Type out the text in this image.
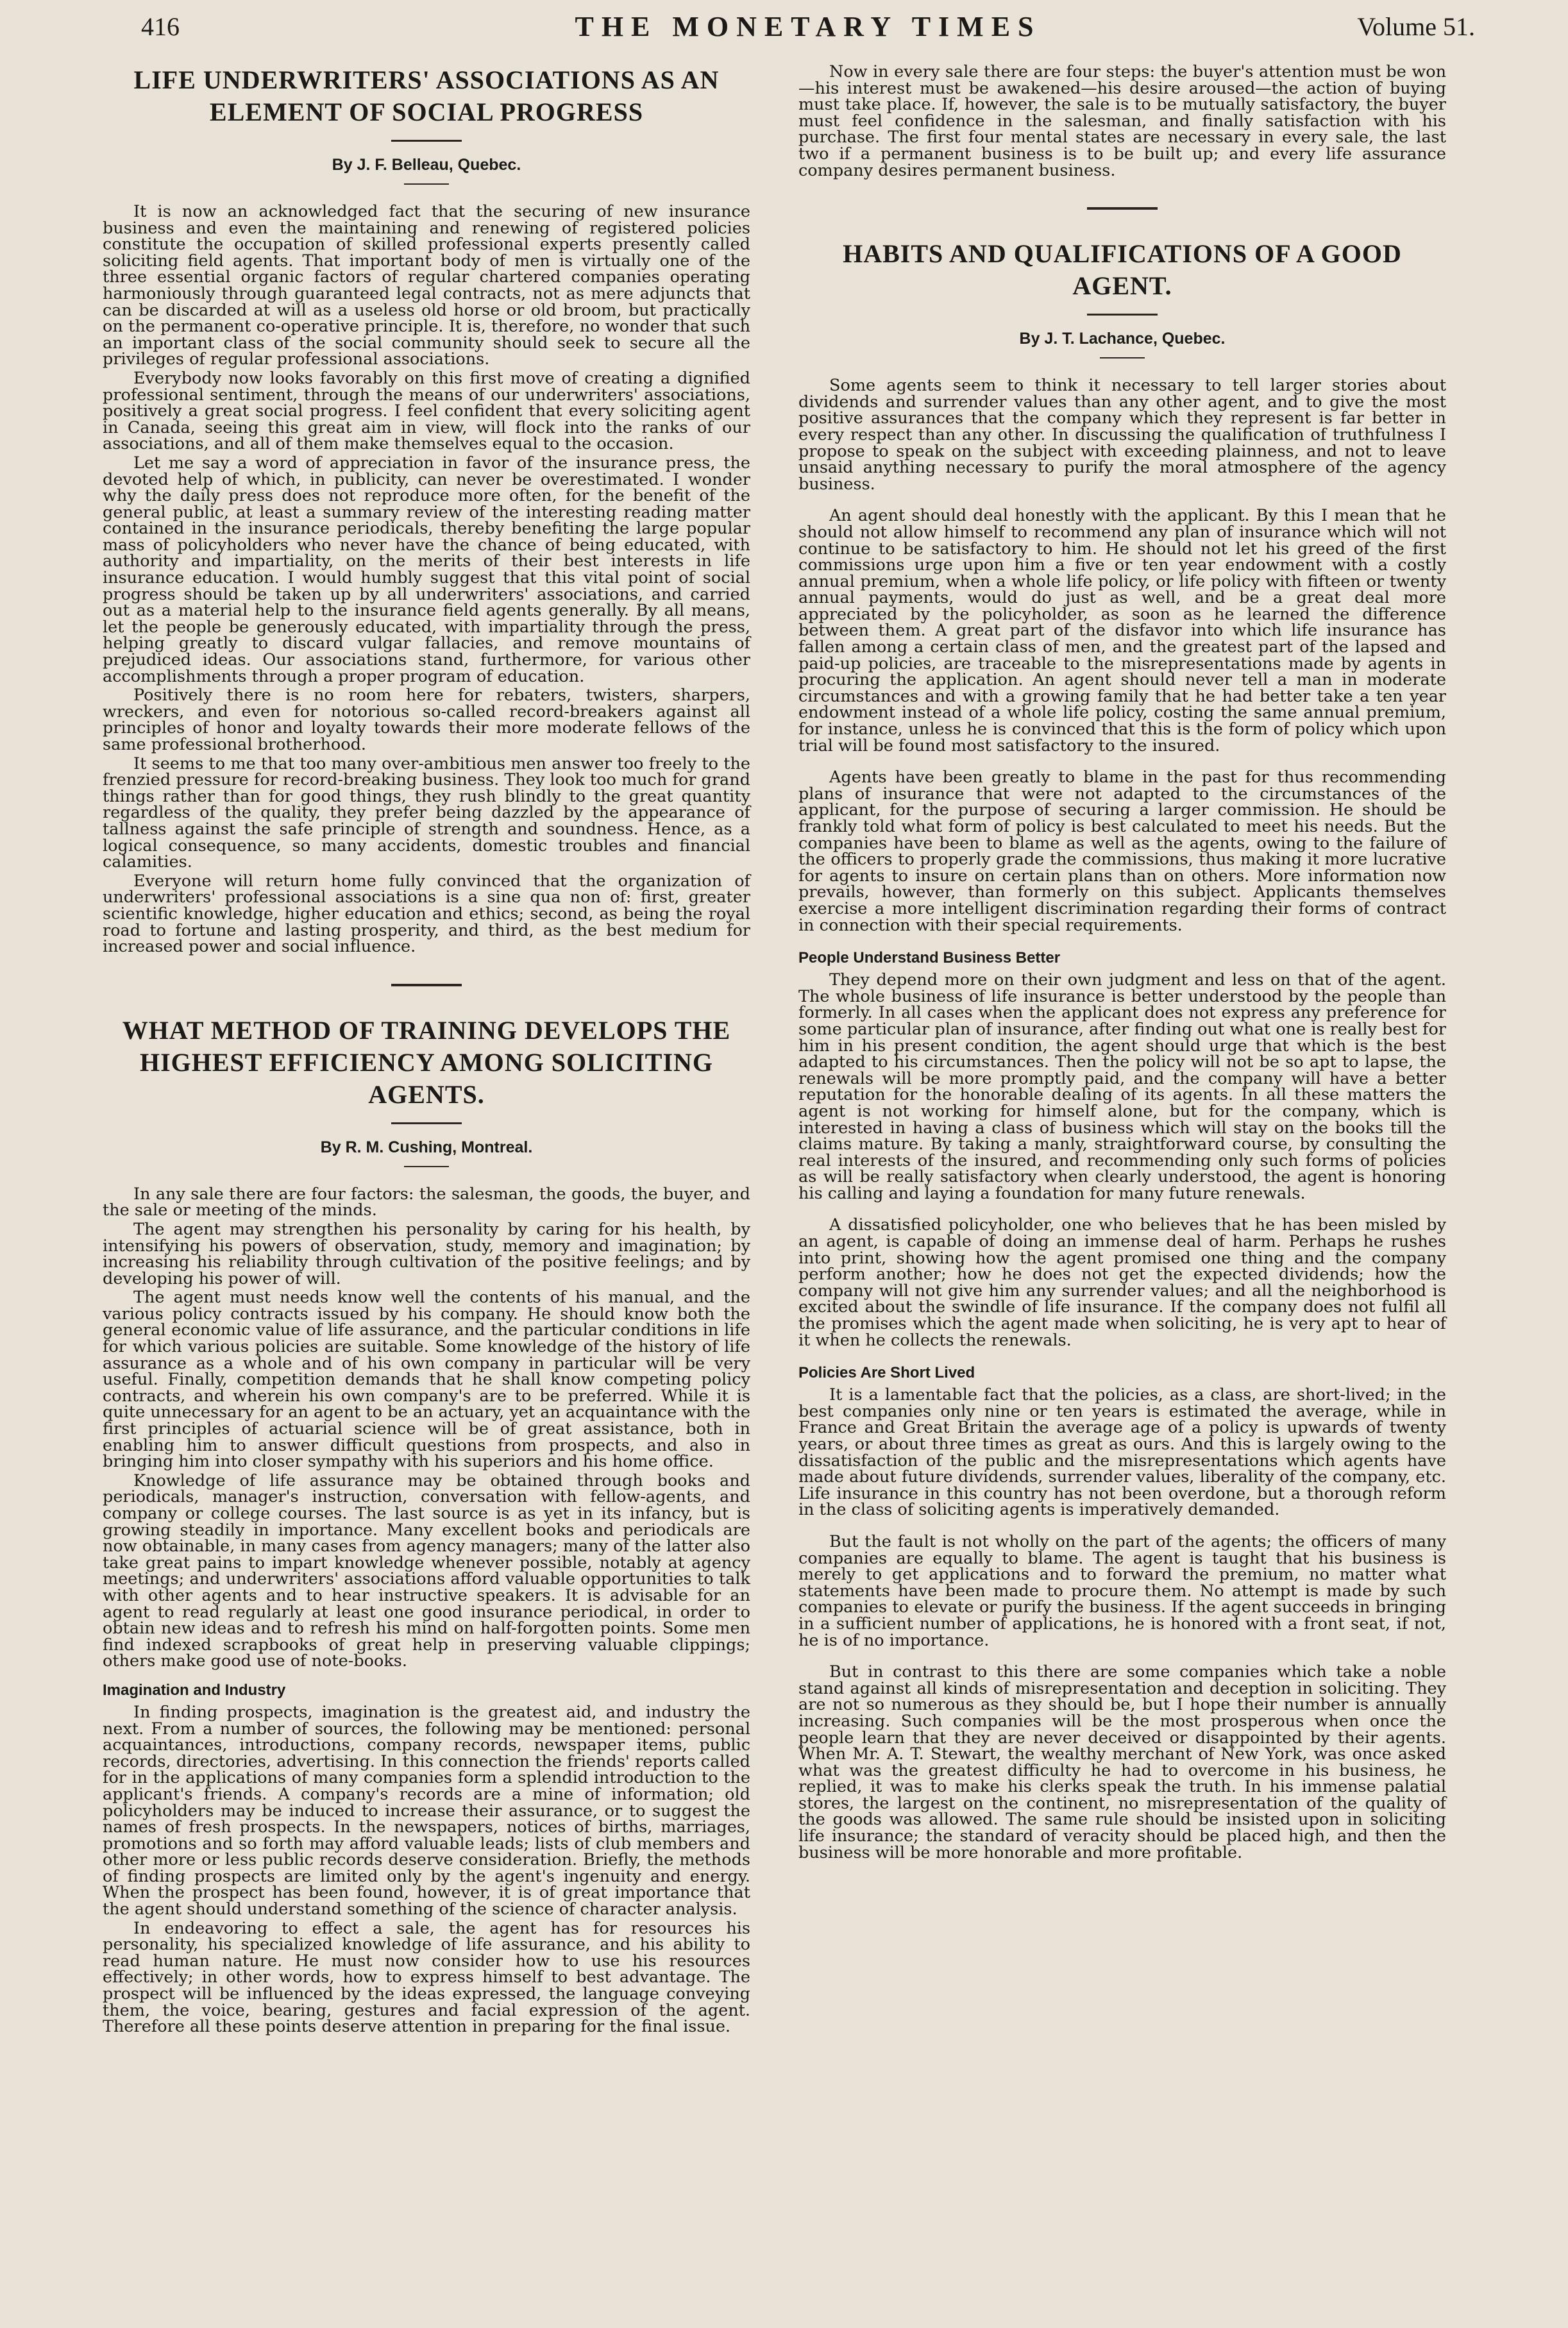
416	THE MONETARY TIMES	Volume 51.
LIFE UNDERWRITERS' ASSOCIATIONS AS AN ELEMENT OF SOCIAL PROGRESS
By J. F. Belleau, Quebec.

It is now an acknowledged fact that the securing of new insurance business and even the maintaining and renewing of registered policies constitute the occupation of skilled professional experts presently called soliciting field agents. That important body of men is virtually one of the three essential organic factors of regular chartered companies operating harmoniously through guaranteed legal contracts, not as mere adjuncts that can be discarded at will as a useless old horse or old broom, but practically on the permanent co-operative principle. It is, therefore, no wonder that such an important class of the social community should seek to secure all the privileges of regular professional associations.

Everybody now looks favorably on this first move of creating a dignified professional sentiment, through the means of our underwriters' associations, positively a great social progress. I feel confident that every soliciting agent in Canada, seeing this great aim in view, will flock into the ranks of our associations, and all of them make themselves equal to the occasion.

Let me say a word of appreciation in favor of the insurance press, the devoted help of which, in publicity, can never be overestimated. I wonder why the daily press does not reproduce more often, for the benefit of the general public, at least a summary review of the interesting reading matter contained in the insurance periodicals, thereby benefiting the large popular mass of policyholders who never have the chance of being educated, with authority and impartiality, on the merits of their best interests in life insurance education. I would humbly suggest that this vital point of social progress should be taken up by all underwriters' associations, and carried out as a material help to the insurance field agents generally. By all means, let the people be generously educated, with impartiality through the press, helping greatly to discard vulgar fallacies, and remove mountains of prejudiced ideas. Our associations stand, furthermore, for various other accomplishments through a proper program of education.

Positively there is no room here for rebaters, twisters, sharpers, wreckers, and even for notorious so-called record-breakers against all principles of honor and loyalty towards their more moderate fellows of the same professional brotherhood.

It seems to me that too many over-ambitious men answer too freely to the frenzied pressure for record-breaking business. They look too much for grand things rather than for good things, they rush blindly to the great quantity regardless of the quality, they prefer being dazzled by the appearance of tallness against the safe principle of strength and soundness. Hence, as a logical consequence, so many accidents, domestic troubles and financial calamities.

Everyone will return home fully convinced that the organization of underwriters' professional associations is a sine qua non of: first, greater scientific knowledge, higher education and ethics; second, as being the royal road to fortune and lasting prosperity, and third, as the best medium for increased power and social influence.

WHAT METHOD OF TRAINING DEVELOPS THE HIGHEST EFFICIENCY AMONG SOLICITING AGENTS.
By R. M. Cushing, Montreal.

In any sale there are four factors: the salesman, the goods, the buyer, and the sale or meeting of the minds.

The agent may strengthen his personality by caring for his health, by intensifying his powers of observation, study, memory and imagination; by increasing his reliability through cultivation of the positive feelings; and by developing his power of will.

The agent must needs know well the contents of his manual, and the various policy contracts issued by his company. He should know both the general economic value of life assurance, and the particular conditions in life for which various policies are suitable. Some knowledge of the history of life assurance as a whole and of his own company in particular will be very useful. Finally, competition demands that he shall know competing policy contracts, and wherein his own company's are to be preferred. While it is quite unnecessary for an agent to be an actuary, yet an acquaintance with the first principles of actuarial science will be of great assistance, both in enabling him to answer difficult questions from prospects, and also in bringing him into closer sympathy with his superiors and his home office.

Knowledge of life assurance may be obtained through books and periodicals, manager's instruction, conversation with fellow-agents, and company or college courses. The last source is as yet in its infancy, but is growing steadily in importance. Many excellent books and periodicals are now obtainable, in many cases from agency managers; many of the latter also take great pains to impart knowledge whenever possible, notably at agency meetings; and underwriters' associations afford valuable opportunities to talk with other agents and to hear instructive speakers. It is advisable for an agent to read regularly at least one good insurance periodical, in order to obtain new ideas and to refresh his mind on half-forgotten points. Some men find indexed scrapbooks of great help in preserving valuable clippings; others make good use of note-books.

Imagination and Industry

In finding prospects, imagination is the greatest aid, and industry the next. From a number of sources, the following may be mentioned: personal acquaintances, introductions, company records, newspaper items, public records, directories, advertising. In this connection the friends' reports called for in the applications of many companies form a splendid introduction to the applicant's friends. A company's records are a mine of information; old policyholders may be induced to increase their assurance, or to suggest the names of fresh prospects. In the newspapers, notices of births, marriages, promotions and so forth may afford valuable leads; lists of club members and other more or less public records deserve consideration. Briefly, the methods of finding prospects are limited only by the agent's ingenuity and energy. When the prospect has been found, however, it is of great importance that the agent should understand something of the science of character analysis.

In endeavoring to effect a sale, the agent has for resources his personality, his specialized knowledge of life assurance, and his ability to read human nature. He must now consider how to use his resources effectively; in other words, how to express himself to best advantage. The prospect will be influenced by the ideas expressed, the language conveying them, the voice, bearing, gestures and facial expression of the agent. Therefore all these points deserve attention in preparing for the final issue.

Now in every sale there are four steps: the buyer's attention must be won—his interest must be awakened—his desire aroused—the action of buying must take place. If, however, the sale is to be mutually satisfactory, the buyer must feel confidence in the salesman, and finally satisfaction with his purchase. The first four mental states are necessary in every sale, the last two if a permanent business is to be built up; and every life assurance company desires permanent business.

HABITS AND QUALIFICATIONS OF A GOOD AGENT.
By J. T. Lachance, Quebec.

Some agents seem to think it necessary to tell larger stories about dividends and surrender values than any other agent, and to give the most positive assurances that the company which they represent is far better in every respect than any other. In discussing the qualification of truthfulness I propose to speak on the subject with exceeding plainness, and not to leave unsaid anything necessary to purify the moral atmosphere of the agency business.

An agent should deal honestly with the applicant. By this I mean that he should not allow himself to recommend any plan of insurance which will not continue to be satisfactory to him. He should not let his greed of the first commissions urge upon him a five or ten year endowment with a costly annual premium, when a whole life policy, or life policy with fifteen or twenty annual payments, would do just as well, and be a great deal more appreciated by the policyholder, as soon as he learned the difference between them. A great part of the disfavor into which life insurance has fallen among a certain class of men, and the greatest part of the lapsed and paid-up policies, are traceable to the misrepresentations made by agents in procuring the application. An agent should never tell a man in moderate circumstances and with a growing family that he had better take a ten year endowment instead of a whole life policy, costing the same annual premium, for instance, unless he is convinced that this is the form of policy which upon trial will be found most satisfactory to the insured.

Agents have been greatly to blame in the past for thus recommending plans of insurance that were not adapted to the circumstances of the applicant, for the purpose of securing a larger commission. He should be frankly told what form of policy is best calculated to meet his needs. But the companies have been to blame as well as the agents, owing to the failure of the officers to properly grade the commissions, thus making it more lucrative for agents to insure on certain plans than on others. More information now prevails, however, than formerly on this subject. Applicants themselves exercise a more intelligent discrimination regarding their forms of contract in connection with their special requirements.

People Understand Business Better

They depend more on their own judgment and less on that of the agent. The whole business of life insurance is better understood by the people than formerly. In all cases when the applicant does not express any preference for some particular plan of insurance, after finding out what one is really best for him in his present condition, the agent should urge that which is the best adapted to his circumstances. Then the policy will not be so apt to lapse, the renewals will be more promptly paid, and the company will have a better reputation for the honorable dealing of its agents. In all these matters the agent is not working for himself alone, but for the company, which is interested in having a class of business which will stay on the books till the claims mature. By taking a manly, straightforward course, by consulting the real interests of the insured, and recommending only such forms of policies as will be really satisfactory when clearly understood, the agent is honoring his calling and laying a foundation for many future renewals.

A dissatisfied policyholder, one who believes that he has been misled by an agent, is capable of doing an immense deal of harm. Perhaps he rushes into print, showing how the agent promised one thing and the company perform another; how he does not get the expected dividends; how the company will not give him any surrender values; and all the neighborhood is excited about the swindle of life insurance. If the company does not fulfil all the promises which the agent made when soliciting, he is very apt to hear of it when he collects the renewals.

Policies Are Short Lived

It is a lamentable fact that the policies, as a class, are short-lived; in the best companies only nine or ten years is estimated the average, while in France and Great Britain the average age of a policy is upwards of twenty years, or about three times as great as ours. And this is largely owing to the dissatisfaction of the public and the misrepresentations which agents have made about future dividends, surrender values, liberality of the company, etc. Life insurance in this country has not been overdone, but a thorough reform in the class of soliciting agents is imperatively demanded.

But the fault is not wholly on the part of the agents; the officers of many companies are equally to blame. The agent is taught that his business is merely to get applications and to forward the premium, no matter what statements have been made to procure them. No attempt is made by such companies to elevate or purify the business. If the agent succeeds in bringing in a sufficient number of applications, he is honored with a front seat, if not, he is of no importance.

But in contrast to this there are some companies which take a noble stand against all kinds of misrepresentation and deception in soliciting. They are not so numerous as they should be, but I hope their number is annually increasing. Such companies will be the most prosperous when once the people learn that they are never deceived or disappointed by their agents. When Mr. A. T. Stewart, the wealthy merchant of New York, was once asked what was the greatest difficulty he had to overcome in his business, he replied, it was to make his clerks speak the truth. In his immense palatial stores, the largest on the continent, no misrepresentation of the quality of the goods was allowed. The same rule should be insisted upon in soliciting life insurance; the standard of veracity should be placed high, and then the business will be more honorable and more profitable.
